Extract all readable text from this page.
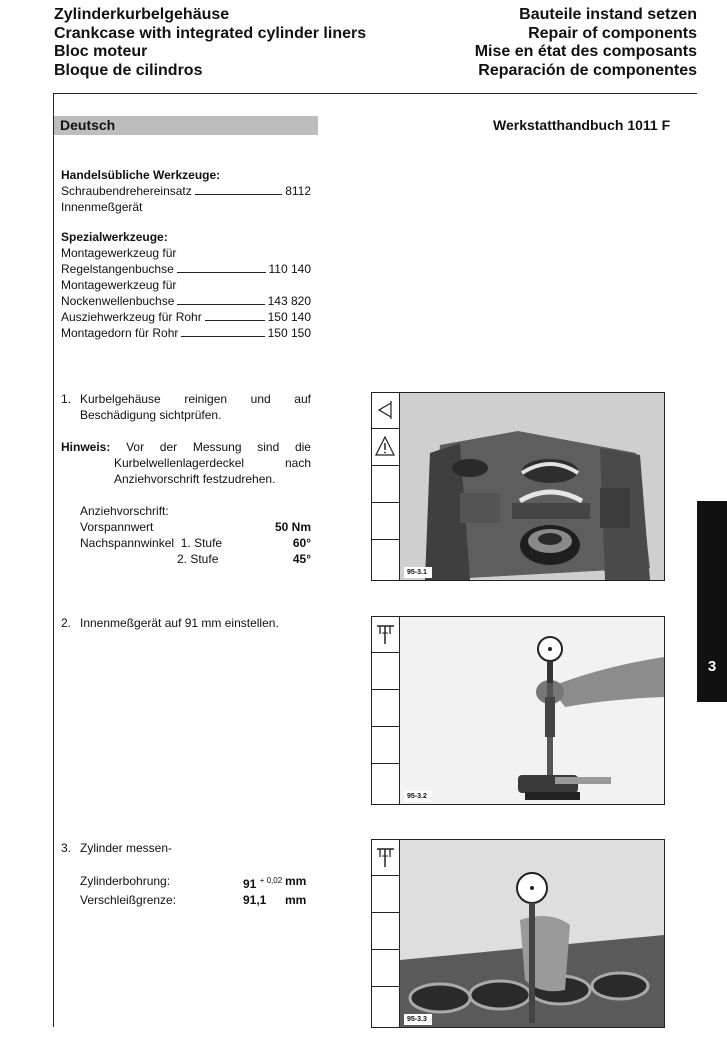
Zylinderkurbelgehäuse
Crankcase with integrated cylinder liners
Bloc moteur
Bloque de cilindros
Bauteile instand setzen
Repair of components
Mise en état des composants
Reparación de componentes
Deutsch	Werkstatthandbuch 1011 F
Handelsübliche Werkzeuge:
Schraubendrehereinsatz	8112
Innenmeßgerät
Spezialwerkzeuge:
Montagewerkzeug für
Regelstangenbuchse	110 140
Montagewerkzeug für
Nockenwellenbuchse	143 820
Ausziehwerkzeug für Rohr	150 140
Montagedorn für Rohr	150 150
1. Kurbelgehäuse reinigen und auf Beschädigung sichtprüfen.
Hinweis: Vor der Messung sind die Kurbelwellenlagerdeckel nach Anziehvorschrift festzudrehen.
Anziehvorschrift:
Vorspannwert	50 Nm
Nachspannwinkel 1. Stufe	60°
2. Stufe	45°
2. Innenmeßgerät auf 91 mm einstellen.
3. Zylinder messen-
Zylinderbohrung:	91 $^{+ 0,02}$ mm
Verschleißgrenze:	91,1	mm
95-3.1
95-3.2
95-3.3
3
